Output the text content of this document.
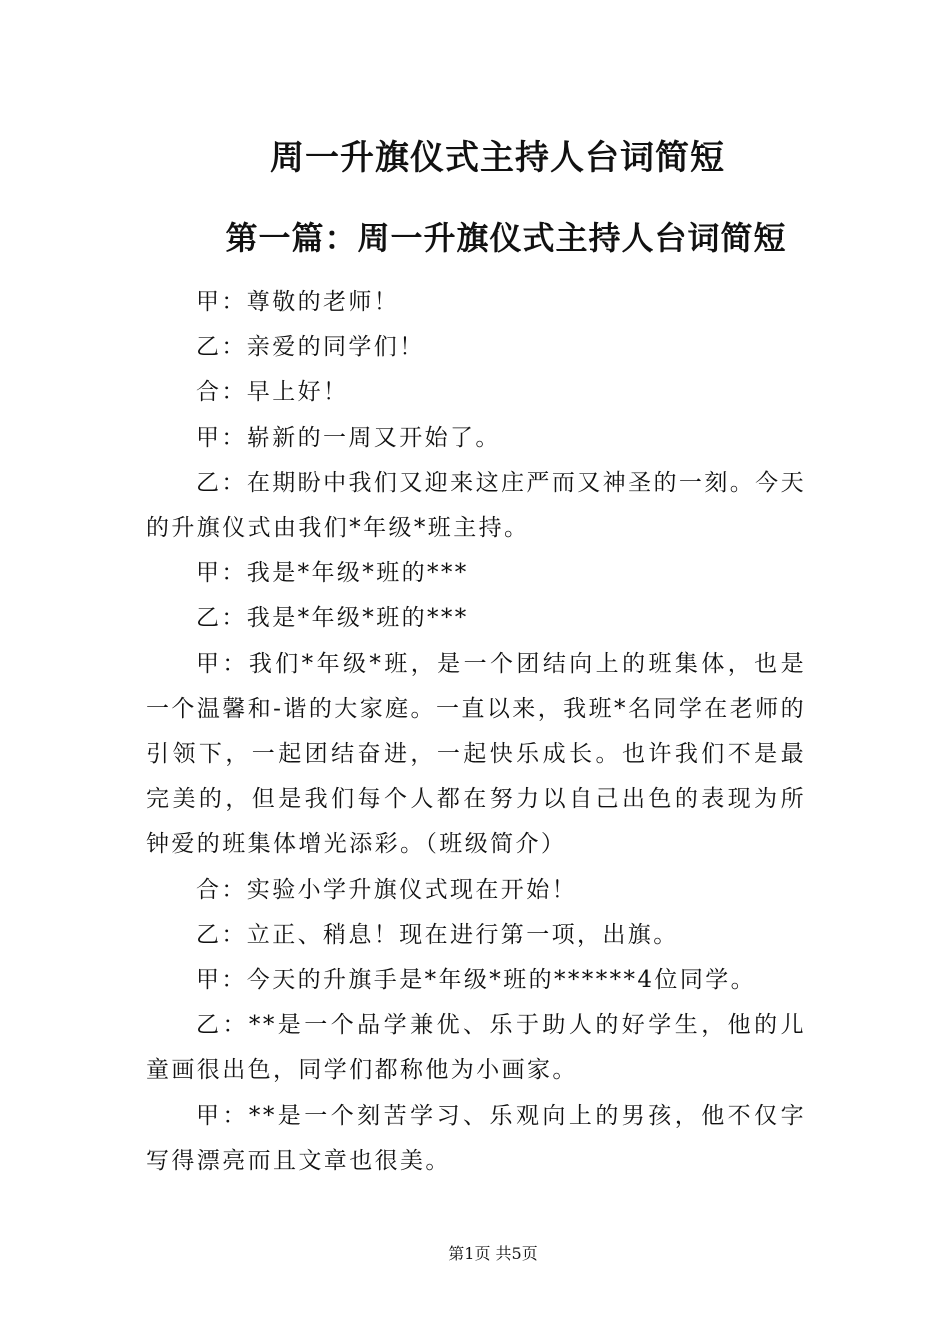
周一升旗仪式主持人台词简短
第一篇：周一升旗仪式主持人台词简短

甲：尊敬的老师！

乙：亲爱的同学们！

合：早上好！

甲：崭新的一周又开始了。

乙：在期盼中我们又迎来这庄严而又神圣的一刻。今天的升旗仪式由我们*年级*班主持。

甲：我是*年级*班的***

乙：我是*年级*班的***

甲：我们*年级*班，是一个团结向上的班集体，也是一个温馨和-谐的大家庭。一直以来，我班*名同学在老师的引领下，一起团结奋进，一起快乐成长。也许我们不是最完美的，但是我们每个人都在努力以自己出色的表现为所钟爱的班集体增光添彩。（班级简介）

合：实验小学升旗仪式现在开始！

乙：立正、稍息！现在进行第一项，出旗。

甲：今天的升旗手是*年级*班的******4位同学。

乙：**是一个品学兼优、乐于助人的好学生，他的儿童画很出色，同学们都称他为小画家。

甲：**是一个刻苦学习、乐观向上的男孩，他不仅字写得漂亮而且文章也很美。

第1页 共5页
